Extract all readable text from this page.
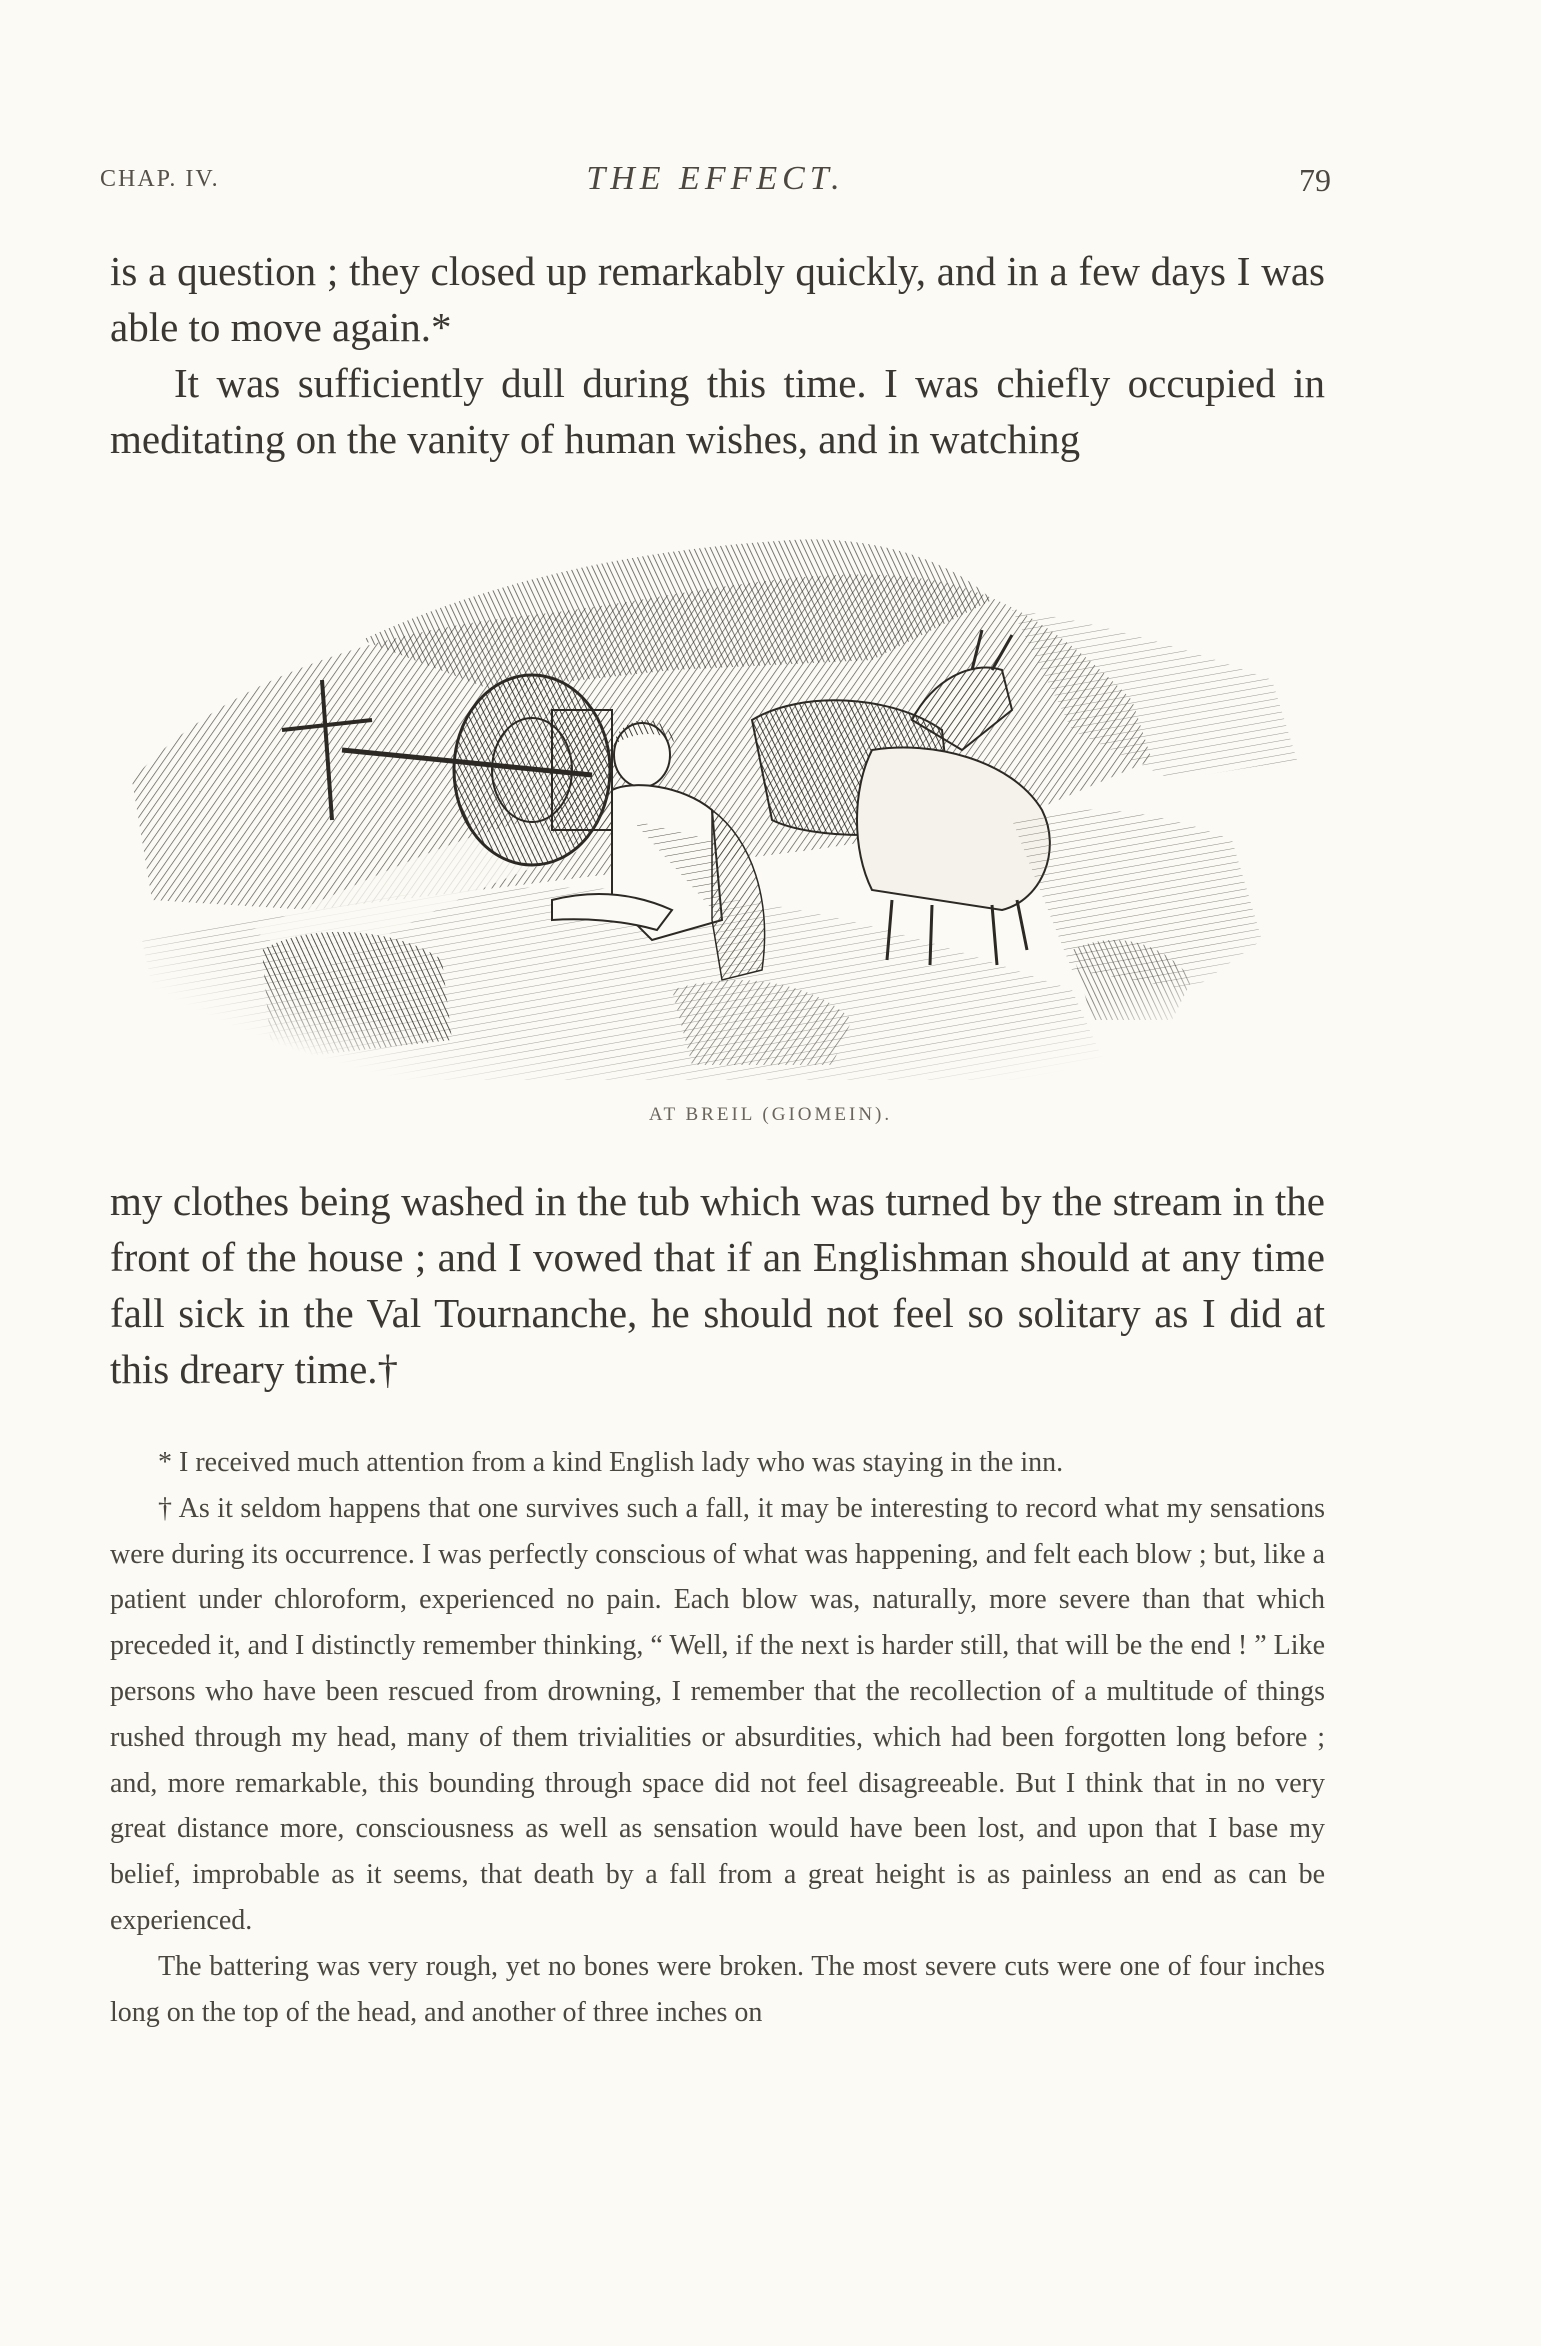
CHAP. IV.	THE EFFECT.	79

is a question ; they closed up remarkably quickly, and in a few days I was able to move again.*

It was sufficiently dull during this time. I was chiefly occupied in meditating on the vanity of human wishes, and in watching

AT BREIL (GIOMEIN).

my clothes being washed in the tub which was turned by the stream in the front of the house ; and I vowed that if an Englishman should at any time fall sick in the Val Tournanche, he should not feel so solitary as I did at this dreary time.†

* I received much attention from a kind English lady who was staying in the inn.

† As it seldom happens that one survives such a fall, it may be interesting to record what my sensations were during its occurrence. I was perfectly conscious of what was happening, and felt each blow ; but, like a patient under chloroform, experienced no pain. Each blow was, naturally, more severe than that which preceded it, and I distinctly remember thinking, “ Well, if the next is harder still, that will be the end ! ” Like persons who have been rescued from drowning, I remember that the recollection of a multitude of things rushed through my head, many of them trivialities or absurdities, which had been forgotten long before ; and, more remarkable, this bounding through space did not feel disagreeable. But I think that in no very great distance more, consciousness as well as sensation would have been lost, and upon that I base my belief, improbable as it seems, that death by a fall from a great height is as painless an end as can be experienced.

The battering was very rough, yet no bones were broken. The most severe cuts were one of four inches long on the top of the head, and another of three inches on
